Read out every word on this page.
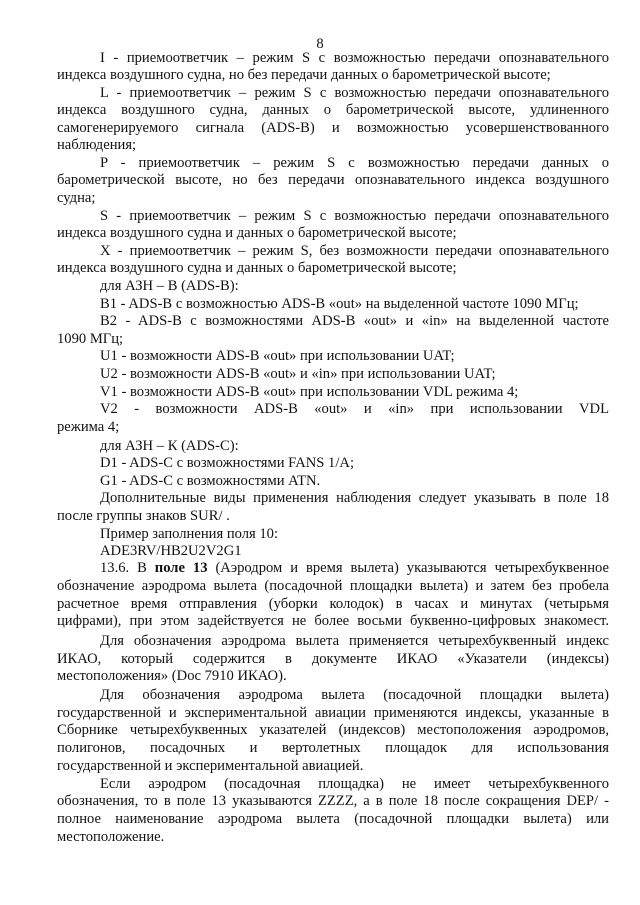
8
I - приемоответчик – режим S с возможностью передачи опознавательного
индекса воздушного судна, но без передачи данных о барометрической высоте;
L - приемоответчик – режим S с возможностью передачи опознавательного
индекса воздушного судна, данных о барометрической высоте, удлиненного
самогенерируемого сигнала (ADS-B) и возможностью усовершенствованного
наблюдения;
P - приемоответчик – режим S с возможностью передачи данных о
барометрической высоте, но без передачи опознавательного индекса воздушного
судна;
S - приемоответчик – режим S с возможностью передачи опознавательного
индекса воздушного судна и данных о барометрической высоте;
X - приемоответчик – режим S, без возможности передачи опознавательного
индекса воздушного судна и данных о барометрической высоте;
для АЗН – В (ADS-B):
B1 - ADS-B с возможностью ADS-B «out» на выделенной частоте 1090 МГц;
B2 - ADS-B с возможностями ADS-B «out» и «in» на выделенной частоте
1090 МГц;
U1 - возможности ADS-B «out» при использовании UAT;
U2 - возможности ADS-B «out» и «in» при использовании UAT;
V1 - возможности ADS-B «out» при использовании VDL режима 4;
V2 - возможности ADS-B «out» и «in» при использовании VDL
режима 4;
для АЗН – К (ADS-C):
D1 - ADS-C с возможностями FANS 1/A;
G1 - ADS-C с возможностями ATN.
Дополнительные виды применения наблюдения следует указывать в поле 18
после группы знаков SUR/ .
Пример заполнения поля 10:
ADE3RV/HB2U2V2G1
13.6. В поле 13 (Аэродром и время вылета) указываются четырехбуквенное
обозначение аэродрома вылета (посадочной площадки вылета) и затем без пробела
расчетное время отправления (уборки колодок) в часах и минутах (четырьмя
цифрами), при этом задействуется не более восьми буквенно-цифровых знакомест.
Для обозначения аэродрома вылета применяется четырехбуквенный индекс
ИКАО, который содержится в документе ИКАО «Указатели (индексы)
местоположения» (Doc 7910 ИКАО).
Для обозначения аэродрома вылета (посадочной площадки вылета)
государственной и экспериментальной авиации применяются индексы, указанные в
Сборнике четырехбуквенных указателей (индексов) местоположения аэродромов,
полигонов, посадочных и вертолетных площадок для использования
государственной и экспериментальной авиацией.
Если аэродром (посадочная площадка) не имеет четырехбуквенного
обозначения, то в поле 13 указываются ZZZZ, а в поле 18 после сокращения DEP/ -
полное наименование аэродрома вылета (посадочной площадки вылета) или
местоположение.
